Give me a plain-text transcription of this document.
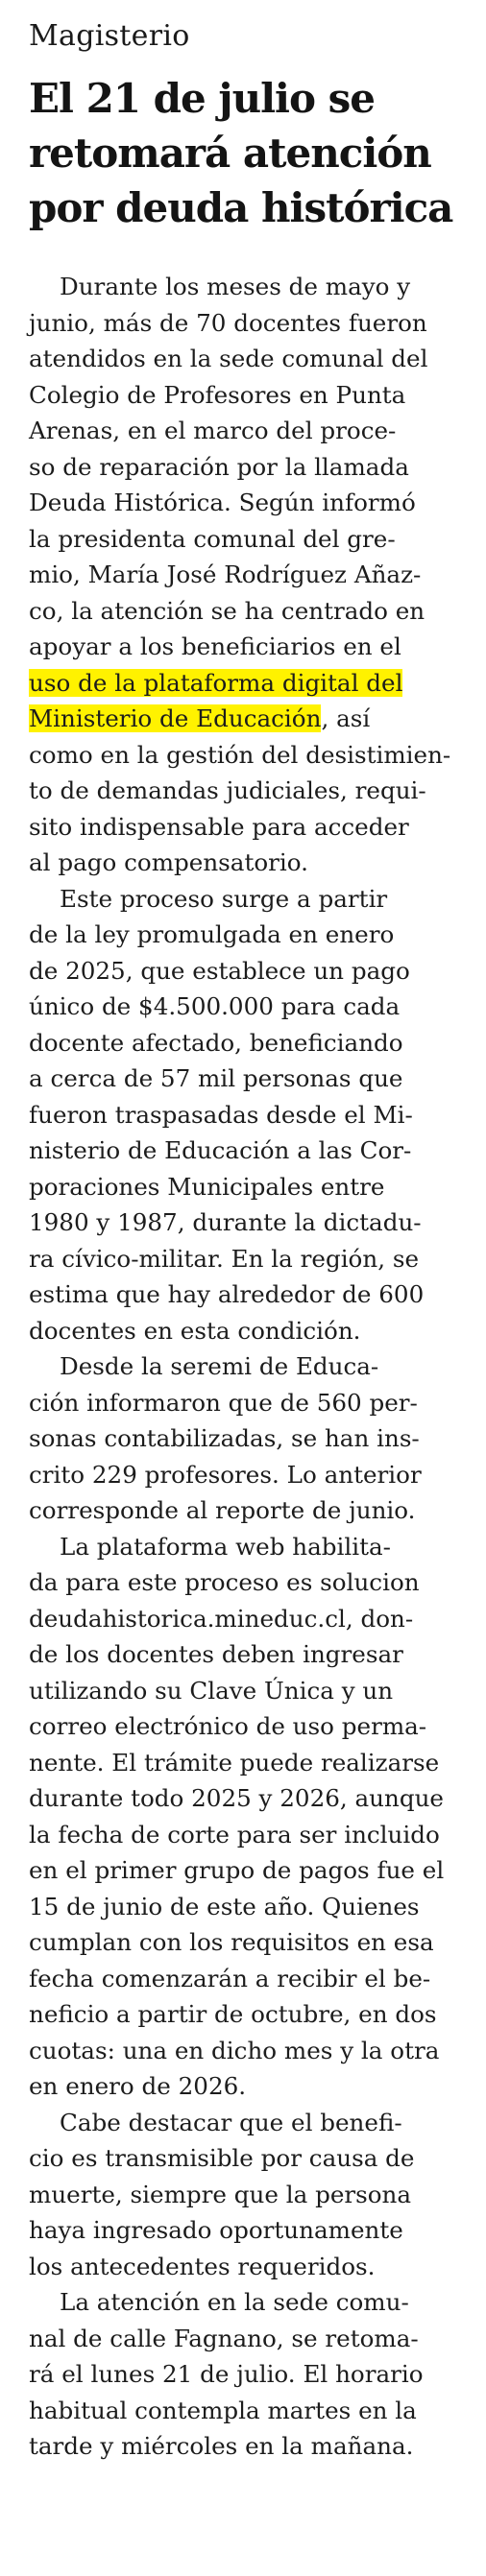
Magisterio
El 21 de julio se
retomará atención
por deuda histórica
Durante los meses de mayo y
junio, más de 70 docentes fueron
atendidos en la sede comunal del
Colegio de Profesores en Punta
Arenas, en el marco del proce-
so de reparación por la llamada
Deuda Histórica. Según informó
la presidenta comunal del gre-
mio, María José Rodríguez Añaz-
co, la atención se ha centrado en
apoyar a los beneficiarios en el
uso de la plataforma digital del
Ministerio de Educación, así
como en la gestión del desistimien-
to de demandas judiciales, requi-
sito indispensable para acceder
al pago compensatorio.
Este proceso surge a partir
de la ley promulgada en enero
de 2025, que establece un pago
único de $4.500.000 para cada
docente afectado, beneficiando
a cerca de 57 mil personas que
fueron traspasadas desde el Mi-
nisterio de Educación a las Cor-
poraciones Municipales entre
1980 y 1987, durante la dictadu-
ra cívico-militar. En la región, se
estima que hay alrededor de 600
docentes en esta condición.
Desde la seremi de Educa-
ción informaron que de 560 per-
sonas contabilizadas, se han ins-
crito 229 profesores. Lo anterior
corresponde al reporte de junio.
La plataforma web habilita-
da para este proceso es solucion
deudahistorica.mineduc.cl, don-
de los docentes deben ingresar
utilizando su Clave Única y un
correo electrónico de uso perma-
nente. El trámite puede realizarse
durante todo 2025 y 2026, aunque
la fecha de corte para ser incluido
en el primer grupo de pagos fue el
15 de junio de este año. Quienes
cumplan con los requisitos en esa
fecha comenzarán a recibir el be-
neficio a partir de octubre, en dos
cuotas: una en dicho mes y la otra
en enero de 2026.
Cabe destacar que el benefi-
cio es transmisible por causa de
muerte, siempre que la persona
haya ingresado oportunamente
los antecedentes requeridos.
La atención en la sede comu-
nal de calle Fagnano, se retoma-
rá el lunes 21 de julio. El horario
habitual contempla martes en la
tarde y miércoles en la mañana.
